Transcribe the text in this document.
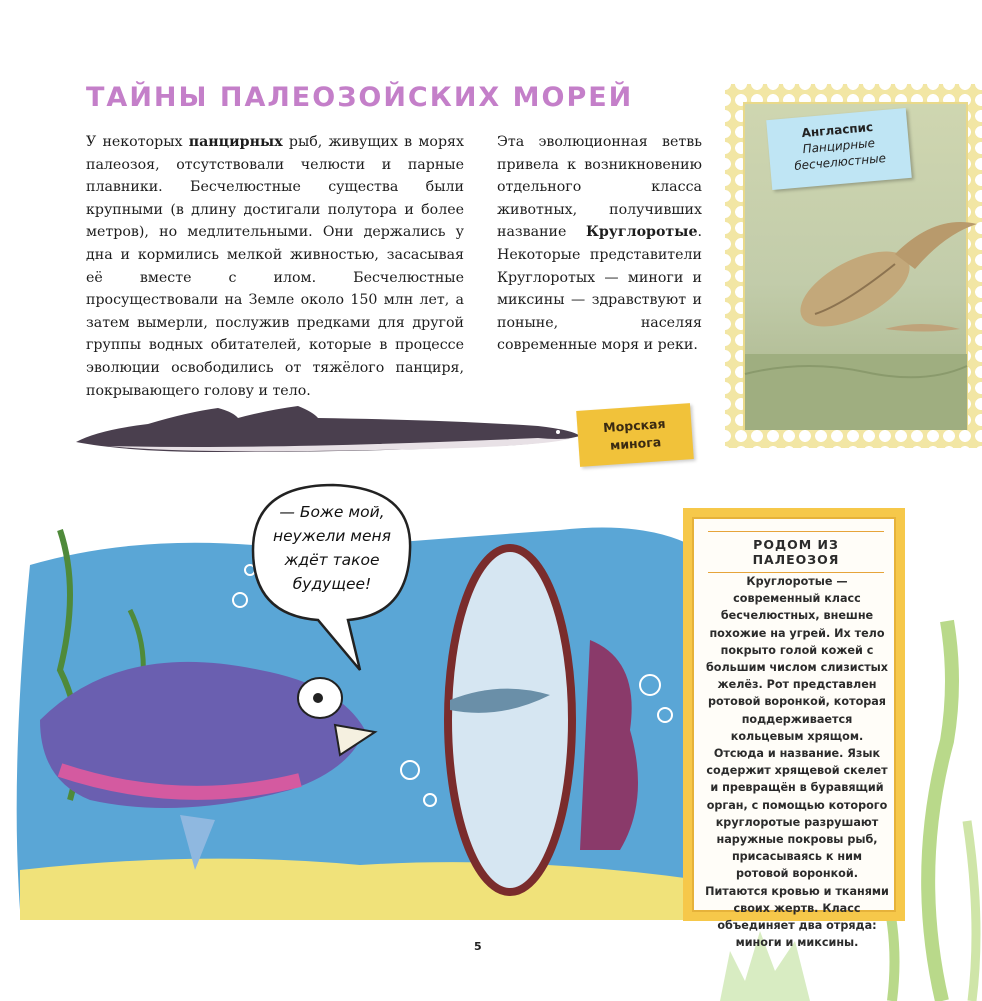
ТАЙНЫ ПАЛЕОЗОЙСКИХ МОРЕЙ
У некоторых панцирных рыб, живущих в морях палеозоя, отсутствовали челюсти и парные плавники. Бесчелюстные существа были крупными (в длину достигали полутора и более метров), но медлительными. Они держались у дна и кормились мелкой живностью, засасывая её вместе с илом. Бесчелюстные просуществовали на Земле около 150 млн лет, а затем вымерли, послужив предками для другой группы водных обитателей, которые в процессе эволюции освободились от тяжёлого панциря, покрывающего голову и тело.
Эта эволюционная ветвь привела к возникновению отдельного класса животных, получивших название Круглоротые. Некоторые представители Круглоротых — миноги и миксины — здравствуют и поныне, населяя современные моря и реки.
Англаспис
Панцирные бесчелюстные
Морская минога
— Боже мой, неужели меня ждёт такое будущее!
РОДОМ ИЗ ПАЛЕОЗОЯ
Круглоротые — современный класс бесчелюстных, внешне похожие на угрей. Их тело покрыто голой кожей с большим числом слизистых желёз. Рот представлен ротовой воронкой, которая поддерживается кольцевым хрящом. Отсюда и название. Язык содержит хрящевой скелет и превращён в буравящий орган, с помощью которого круглоротые разрушают наружные покровы рыб, присасываясь к ним ротовой воронкой. Питаются кровью и тканями своих жертв. Класс объединяет два отряда: миноги и миксины.
5
